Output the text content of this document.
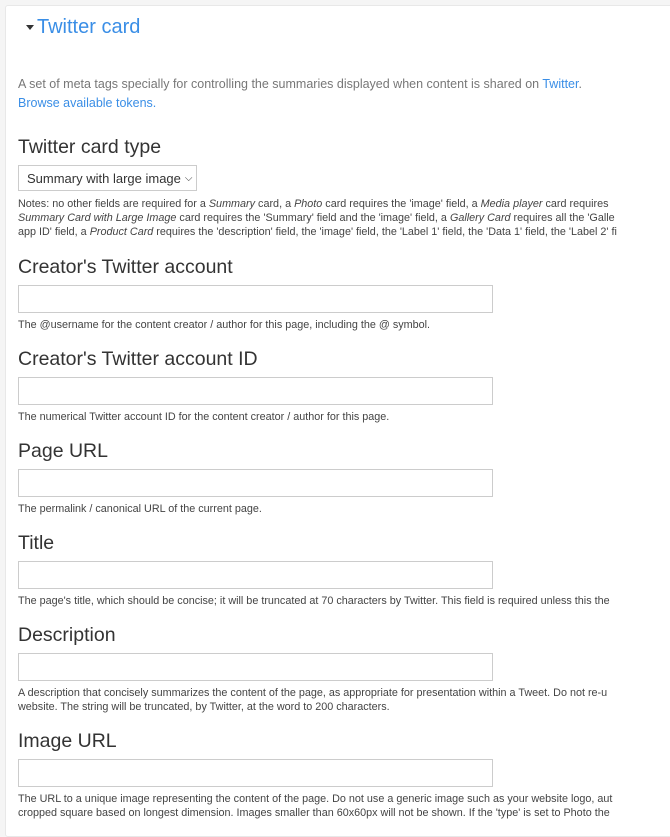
Twitter card
A set of meta tags specially for controlling the summaries displayed when content is shared on Twitter.
Browse available tokens.
Twitter card type
Summary with large image ⌵
Notes: no other fields are required for a Summary card, a Photo card requires the 'image' field, a Media player card requires
Summary Card with Large Image card requires the 'Summary' field and the 'image' field, a Gallery Card requires all the 'Galle
app ID' field, a Product Card requires the 'description' field, the 'image' field, the 'Label 1' field, the 'Data 1' field, the 'Label 2' fi
Creator's Twitter account
The @username for the content creator / author for this page, including the @ symbol.
Creator's Twitter account ID
The numerical Twitter account ID for the content creator / author for this page.
Page URL
The permalink / canonical URL of the current page.
Title
The page's title, which should be concise; it will be truncated at 70 characters by Twitter. This field is required unless this the
Description
A description that concisely summarizes the content of the page, as appropriate for presentation within a Tweet. Do not re-u
website. The string will be truncated, by Twitter, at the word to 200 characters.
Image URL
The URL to a unique image representing the content of the page. Do not use a generic image such as your website logo, aut
cropped square based on longest dimension. Images smaller than 60x60px will not be shown. If the 'type' is set to Photo the
